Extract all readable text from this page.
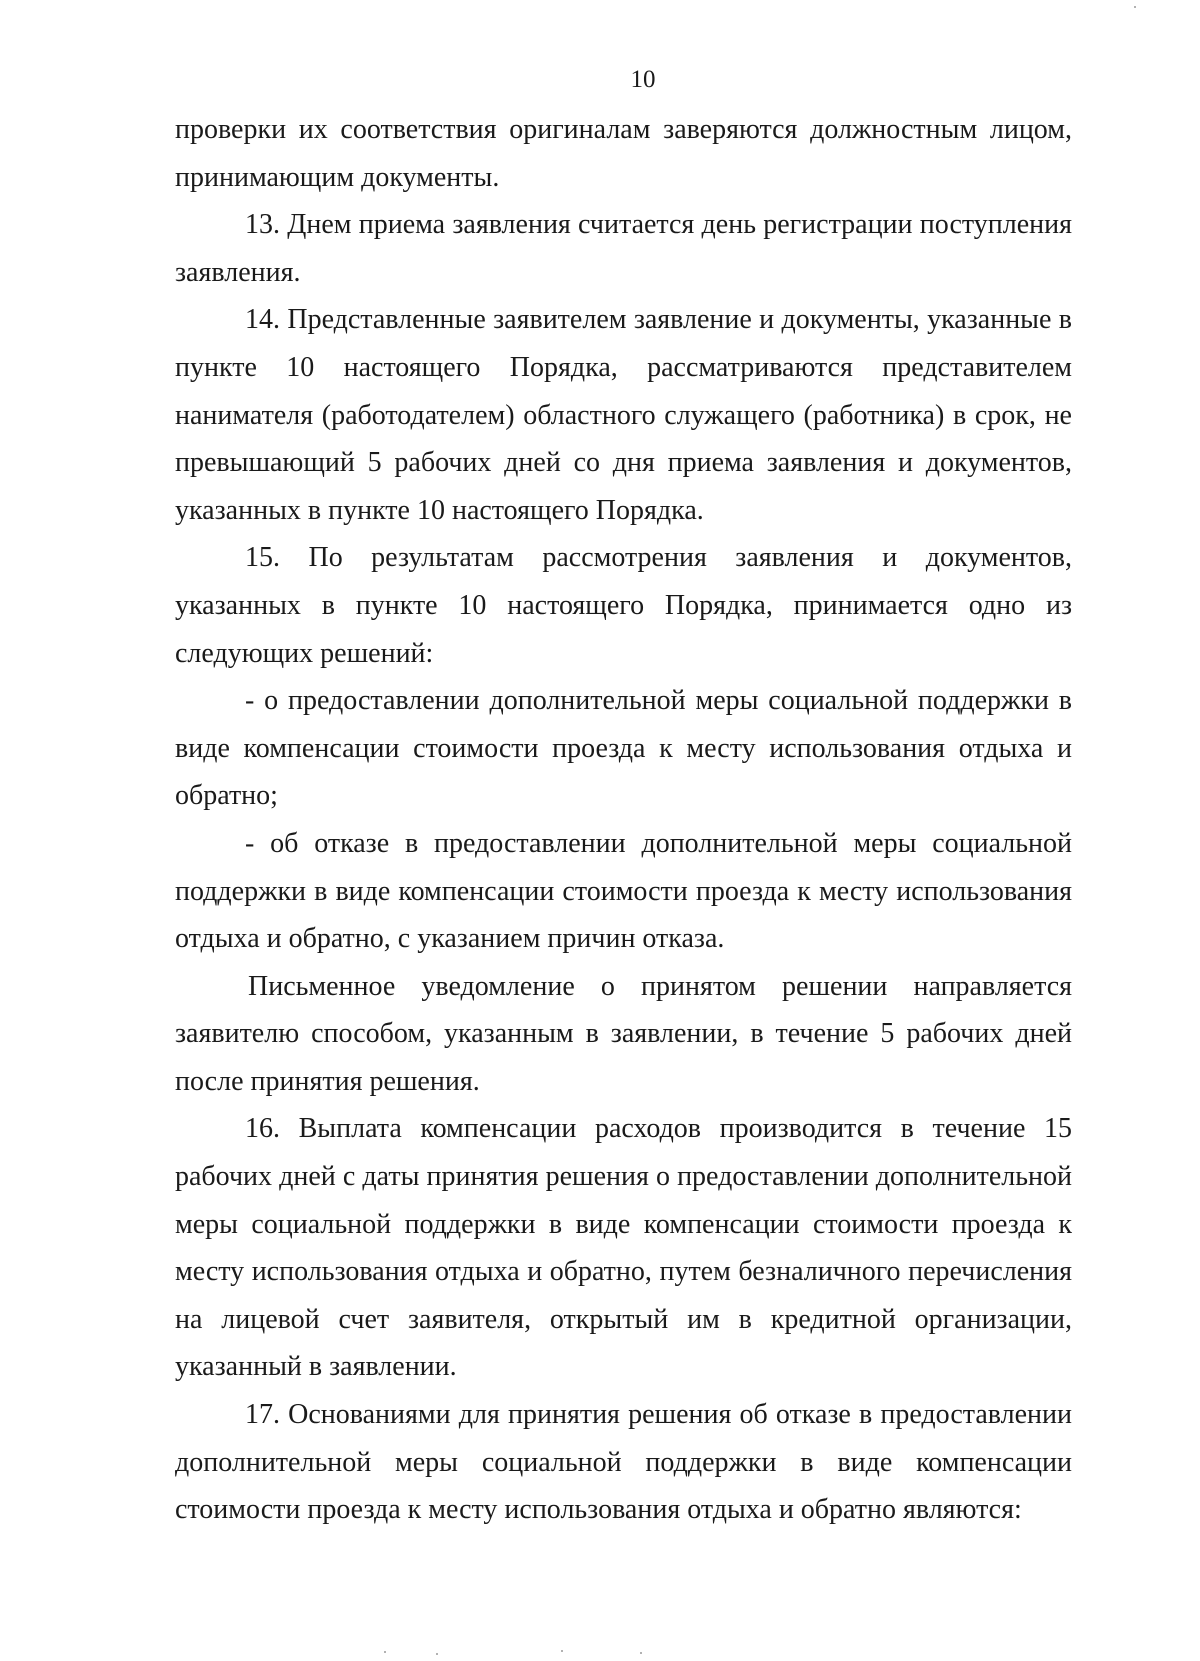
10

проверки их соответствия оригиналам заверяются должностным лицом, принимающим документы.

13. Днем приема заявления считается день регистрации поступления заявления.

14. Представленные заявителем заявление и документы, указанные в пункте 10 настоящего Порядка, рассматриваются представителем нанимателя (работодателем) областного служащего (работника) в срок, не превышающий 5 рабочих дней со дня приема заявления и документов, указанных в пункте 10 настоящего Порядка.

15. По результатам рассмотрения заявления и документов, указанных в пункте 10 настоящего Порядка, принимается одно из следующих решений:

- о предоставлении дополнительной меры социальной поддержки в виде компенсации стоимости проезда к месту использования отдыха и обратно;

- об отказе в предоставлении дополнительной меры социальной поддержки в виде компенсации стоимости проезда к месту использования отдыха и обратно, с указанием причин отказа.

Письменное уведомление о принятом решении направляется заявителю способом, указанным в заявлении, в течение 5 рабочих дней после принятия решения.

16. Выплата компенсации расходов производится в течение 15 рабочих дней с даты принятия решения о предоставлении дополнительной меры социальной поддержки в виде компенсации стоимости проезда к месту использования отдыха и обратно, путем безналичного перечисления на лицевой счет заявителя, открытый им в кредитной организации, указанный в заявлении.

17. Основаниями для принятия решения об отказе в предоставлении дополнительной меры социальной поддержки в виде компенсации стоимости проезда к месту использования отдыха и обратно являются:
